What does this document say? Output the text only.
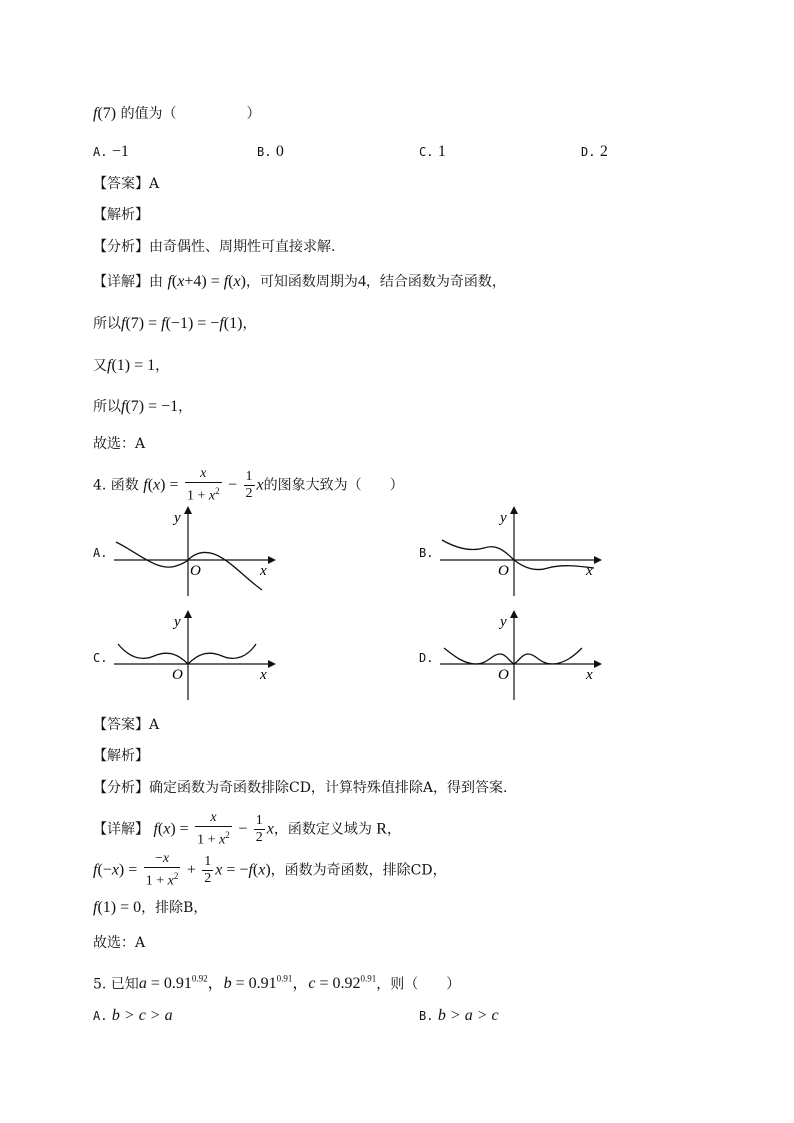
f(7) 的值为（　　　　　）
A. −1	B. 0	C. 1	D. 2
【答案】A
【解析】
【分析】由奇偶性、周期性可直接求解.
【详解】由 f(x+4) = f(x)，可知函数周期为4，结合函数为奇函数，
所以f(7) = f(−1) = −f(1)，
又f(1) = 1，
所以f(7) = −1，
故选：A
4. 函数 $f(x) = \frac{x}{1 + x^2} - \frac{1}{2}$ x的图象大致为（　　）
A.
y
x
O
B.
y
x
O
C.
y
x
O
D.
y
x
O
【答案】A
【解析】
【分析】确定函数为奇函数排除CD，计算特殊值排除A，得到答案.
【详解】 $f(x) = \frac{x}{1 + x^2} - \frac{1}{2}$ x，函数定义域为 R，
$f(-x) = \frac{-x}{1 + x^2} + \frac{1}{2}$ x = −f(x)，函数为奇函数，排除CD，
f(1) = 0，排除B，
故选：A
5. 已知$a = 0.91^{0.92}$，$b = 0.91^{0.91}$，$c = 0.92^{0.91}$，则（　　）
A. b > c > a	B. b > a > c
